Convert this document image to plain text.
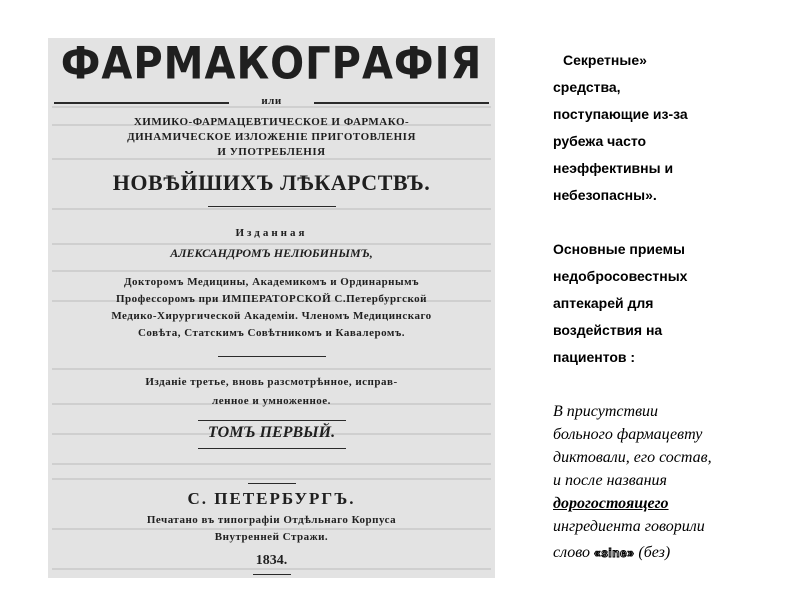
ФАРМАКОГРАФІЯ
или
ХИМИКО-ФАРМАЦЕВТИЧЕСКОЕ И ФАРМАКО-
ДИНАМИЧЕСКОЕ ИЗЛОЖЕНІЕ ПРИГОТОВЛЕНІЯ
И УПОТРЕБЛЕНІЯ
НОВѢЙШИХЪ ЛѢКАРСТВЪ.
Изданная
АЛЕКСАНДРОМЪ НЕЛЮБИНЫМЪ,
Докторомъ Медицины, Академикомъ и Ординарнымъ
Профессоромъ при ИМПЕРАТОРСКОЙ С.Петербургской
Медико-Хирургической Академіи. Членомъ Медицинскаго
Совѣта, Статскимъ Совѣтникомъ и Кавалеромъ.
Изданіе третье, вновь разсмотрѣнное, исправ-
ленное и умноженное.
ТОМЪ ПЕРВЫЙ.
С. ПЕТЕРБУРГЪ.
Печатано въ типографіи Отдѣльнаго Корпуса
Внутренней Стражи.
1834.
Секретные»
средства,
поступающие из-за
рубежа часто
неэффективны и
небезопасны».
Основные приемы
недобросовестных
аптекарей для
воздействия на
пациентов :
В присутствии
больного фармацевту
диктовали, его состав,
и после названия
дорогостоящего
ингредиента говорили
слово «sine» (без)
